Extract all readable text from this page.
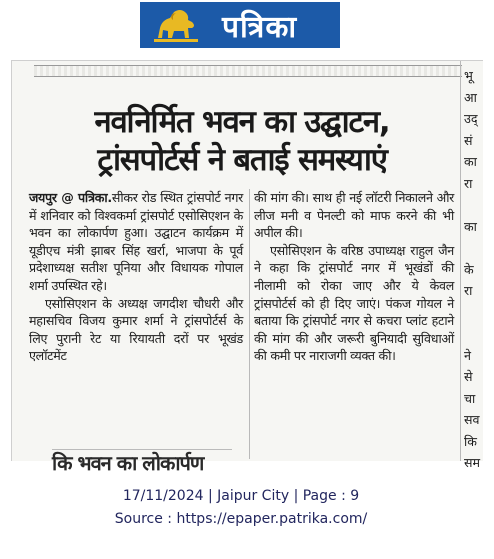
पत्रिका
नवनिर्मित भवन का उद्घाटन,
ट्रांसपोर्टर्स ने बताई समस्याएं

जयपुर @ पत्रिका.सीकर रोड स्थित ट्रांसपोर्ट नगर में शनिवार को विश्वकर्मा ट्रांसपोर्ट एसोसिएशन के भवन का लोकार्पण हुआ। उद्घाटन कार्यक्रम में यूडीएच मंत्री झाबर सिंह खर्रा, भाजपा के पूर्व प्रदेशाध्यक्ष सतीश पूनिया और विधायक गोपाल शर्मा उपस्थित रहे।

एसोसिएशन के अध्यक्ष जगदीश चौधरी और महासचिव विजय कुमार शर्मा ने ट्रांसपोर्टर्स के लिए पुरानी रेट या रियायती दरों पर भूखंड एलॉटमेंट

की मांग की। साथ ही नई लॉटरी निकालने और लीज मनी व पेनल्टी को माफ करने की भी अपील की।

एसोसिएशन के वरिष्ठ उपाध्यक्ष राहुल जैन ने कहा कि ट्रांसपोर्ट नगर में भूखंडों की नीलामी को रोका जाए और ये केवल ट्रांसपोर्टर्स को ही दिए जाएं। पंकज गोयल ने बताया कि ट्रांसपोर्ट नगर से कचरा प्लांट हटाने की मांग की और जरूरी बुनियादी सुविधाओं की कमी पर नाराजगी व्यक्त की।

कि भवन का लोकार्पण
भू
आ
उद्
सं
का
रा
का
के
रा
ने
से
चा
सव
कि
सम
17/11/2024 | Jaipur City | Page : 9
Source : https://epaper.patrika.com/
